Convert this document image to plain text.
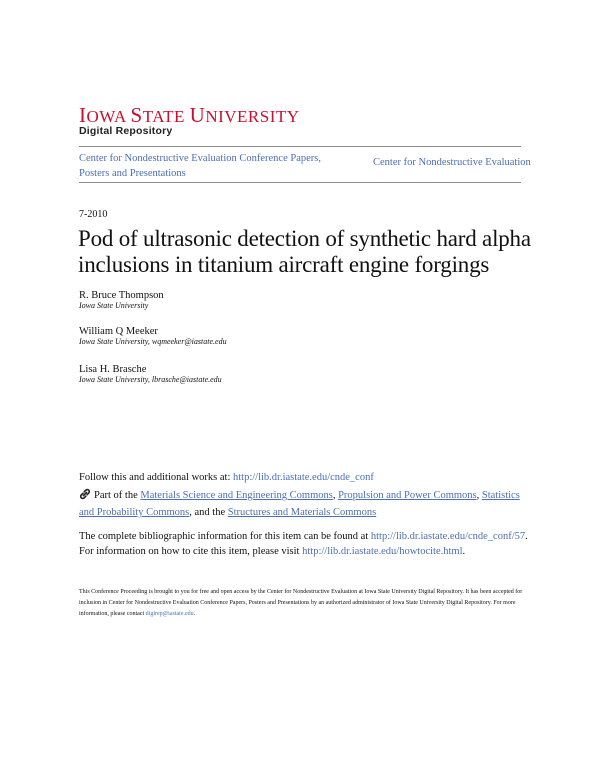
IOWA STATE UNIVERSITY
Digital Repository
Center for Nondestructive Evaluation Conference Papers, Posters and Presentations
Center for Nondestructive Evaluation
7-2010
Pod of ultrasonic detection of synthetic hard alpha inclusions in titanium aircraft engine forgings
R. Bruce Thompson
Iowa State University
William Q Meeker
Iowa State University, wqmeeker@iastate.edu
Lisa H. Brasche
Iowa State University, lbrasche@iastate.edu
Follow this and additional works at: http://lib.dr.iastate.edu/cnde_conf
Part of the Materials Science and Engineering Commons, Propulsion and Power Commons, Statistics and Probability Commons, and the Structures and Materials Commons
The complete bibliographic information for this item can be found at http://lib.dr.iastate.edu/cnde_conf/57. For information on how to cite this item, please visit http://lib.dr.iastate.edu/howtocite.html.
This Conference Proceeding is brought to you for free and open access by the Center for Nondestructive Evaluation at Iowa State University Digital Repository. It has been accepted for inclusion in Center for Nondestructive Evaluation Conference Papers, Posters and Presentations by an authorized administrator of Iowa State University Digital Repository. For more information, please contact digirep@iastate.edu.
